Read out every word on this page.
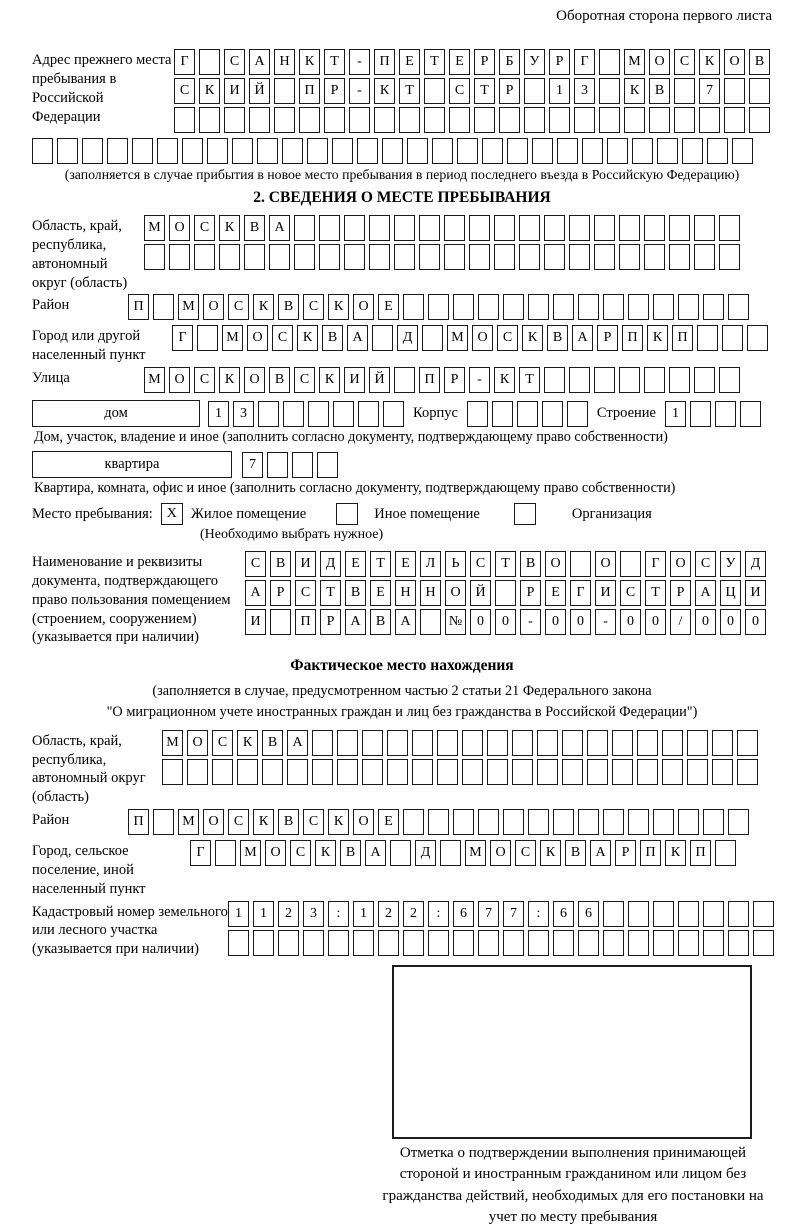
Оборотная сторона первого листа
Адрес прежнего места пребывания в Российской Федерации
Г	С	А	Н	К	Т	-	П	Е	Т	Е	Р	Б	У	Р	Г	М О	С	К	О	В
С	К	И	Й	П	Р	-	К	Т	С	Т	Р	1	3	К	В	7
(заполняется в случае прибытия в новое место пребывания в период последнего въезда в Российскую Федерацию)
2. СВЕДЕНИЯ О МЕСТЕ ПРЕБЫВАНИЯ
Область, край, республика, автономный округ (область)
М О	С	К	В	А
Район	П	М О	С	К	В	С	К	О	Е
Город или другой населенный пункт
Г	М О	С	К	В	А	Д	М О	С	К	В	А	Р	П	К	П
Улица	М О	С	К	О	В	С	К	И	Й	П	Р	-	К	Т
дом	1	3	Корпус	Строение	1
Дом, участок, владение и иное (заполнить согласно документу, подтверждающему право собственности)
квартира	7
Квартира, комната, офис и иное (заполнить согласно документу, подтверждающему право собственности)
Место пребывания: X Жилое помещение	Иное помещение	Организация
(Необходимо выбрать нужное)
Наименование и реквизиты документа, подтверждающего право пользования помещением (строением, сооружением) (указывается при наличии)
С	В	И	Д	Е	Т	Е	Л	Ь	С	Т	В	О	О	Г	О	С	У	Д
А	Р	С	Т	В	Е	Н	Н	О	Й	Р	Е	Г	И	С	Т	Р	А	Ц	И
И	П	Р	А	В	А	№	0	0	-	0	0	-	0	0	/	0	0	0
Фактическое место нахождения
(заполняется в случае, предусмотренном частью 2 статьи 21 Федерального закона
"О миграционном учете иностранных граждан и лиц без гражданства в Российской Федерации")
Область, край, республика, автономный округ (область)
М О	С	К	В	А
Район	П	М О	С	К	В	С	К	О	Е
Город, сельское поселение, иной населенный пункт
Г	М О	С	К	В	А	Д	М О	С	К	В	А	Р	П	К	П
Кадастровый номер земельного или лесного участка (указывается при наличии)
1	1	2	3	:	1	2	2	:	6	7	7	:	6	6
Отметка о подтверждении выполнения принимающей стороной и иностранным гражданином или лицом без гражданства действий, необходимых для его постановки на учет по месту пребывания
